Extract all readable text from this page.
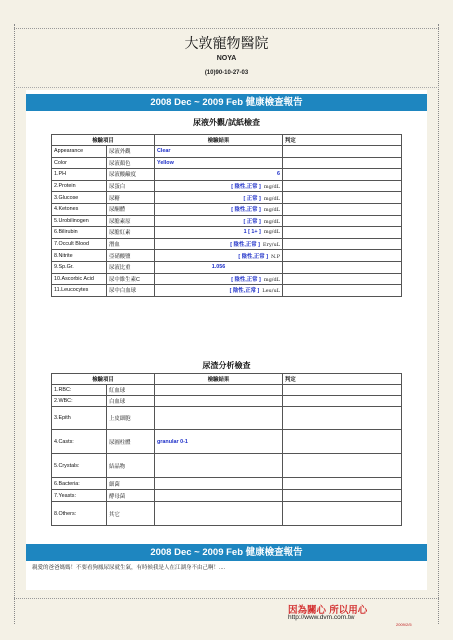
大敦寵物醫院
NOYA
(10)90-10-27-03
2008 Dec ~ 2009 Feb 健康檢查報告
尿液外觀/試紙檢查
檢驗項目		檢驗結果	判定
Appearance	尿液外觀	Clear	
Color	尿液顏色	Yellow	
1.PH	尿液酸鹼度	6	
2.Protein	尿蛋白	[ 陰性,正常 ] mg/dL	
3.Glucose	尿糖	[ 正常 ] mg/dL	
4.Ketones	尿酮體	[ 陰性,正常 ] mg/dL	
5.Urobilinogen	尿膽素原	[ 正常 ] mg/dL	
6.Bilirubin	尿膽紅素	1 [ 1+ ] mg/dL	
7.Occult Blood	潛血	[ 陰性,正常 ] Ery/uL	
8.Nitrite	亞硝酸鹽	[ 陰性,正常 ] N.P	
9.Sp.Gr.	尿液比重	1.056	
10.Ascorbic Acid	尿中維生素C	[ 陰性,正常 ] mg/dL	
11.Leucocytes	尿中白血球	[ 陰性,正常 ] Leu/uL	
尿渣分析檢查
檢驗項目		檢驗結果	判定
1.RBC:	紅血球		
2.WBC:	白血球		
3.Epith	上皮細胞		
4.Casts:	尿圓柱體	granular 0-1	
5.Crystals:	結晶物		
6.Bacteria:	細菌		
7.Yeasts:	酵母菌		
8.Others:	其它		
2008 Dec ~ 2009 Feb 健康檢查報告
親愛的爸爸媽媽！不要看狗鳳尿尿就生氣，有時候我是人在江湖身不由己啊！....
因為關心 所以用心
http://www.dvm.com.tw
2009/2/5
